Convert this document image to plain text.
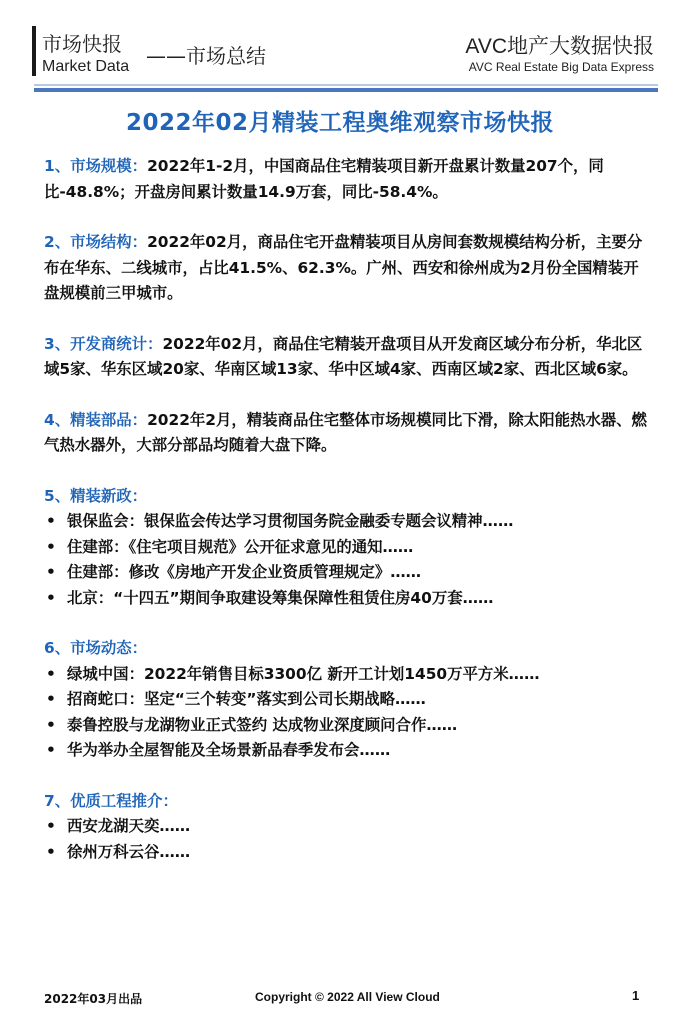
市场快报
Market Data ——市场总结	AVC地产大数据快报
AVC Real Estate Big Data Express
2022年02月精装工程奥维观察市场快报
1、市场规模：2022年1-2月，中国商品住宅精装项目新开盘累计数量207个，同比-48.8%；开盘房间累计数量14.9万套，同比-58.4%。
2、市场结构：2022年02月，商品住宅开盘精装项目从房间套数规模结构分析，主要分布在华东、二线城市，占比41.5%、62.3%。广州、西安和徐州成为2月份全国精装开盘规模前三甲城市。
3、开发商统计：2022年02月，商品住宅精装开盘项目从开发商区域分布分析，华北区域5家、华东区域20家、华南区域13家、华中区域4家、西南区域2家、西北区域6家。
4、精装部品：2022年2月，精装商品住宅整体市场规模同比下滑，除太阳能热水器、燃气热水器外，大部分部品均随着大盘下降。
5、精装新政：
• 银保监会：银保监会传达学习贯彻国务院金融委专题会议精神……
• 住建部：《住宅项目规范》公开征求意见的通知……
• 住建部：修改《房地产开发企业资质管理规定》……
• 北京：“十四五”期间争取建设筹集保障性租赁住房40万套……
6、市场动态：
• 绿城中国：2022年销售目标3300亿 新开工计划1450万平方米……
• 招商蛇口：坚定“三个转变”落实到公司长期战略……
• 泰鲁控股与龙湖物业正式签约 达成物业深度顾问合作……
• 华为举办全屋智能及全场景新品春季发布会……
7、优质工程推介：
• 西安龙湖天奕……
• 徐州万科云谷……
2022年03月出品	Copyright © 2022 All View Cloud	1
